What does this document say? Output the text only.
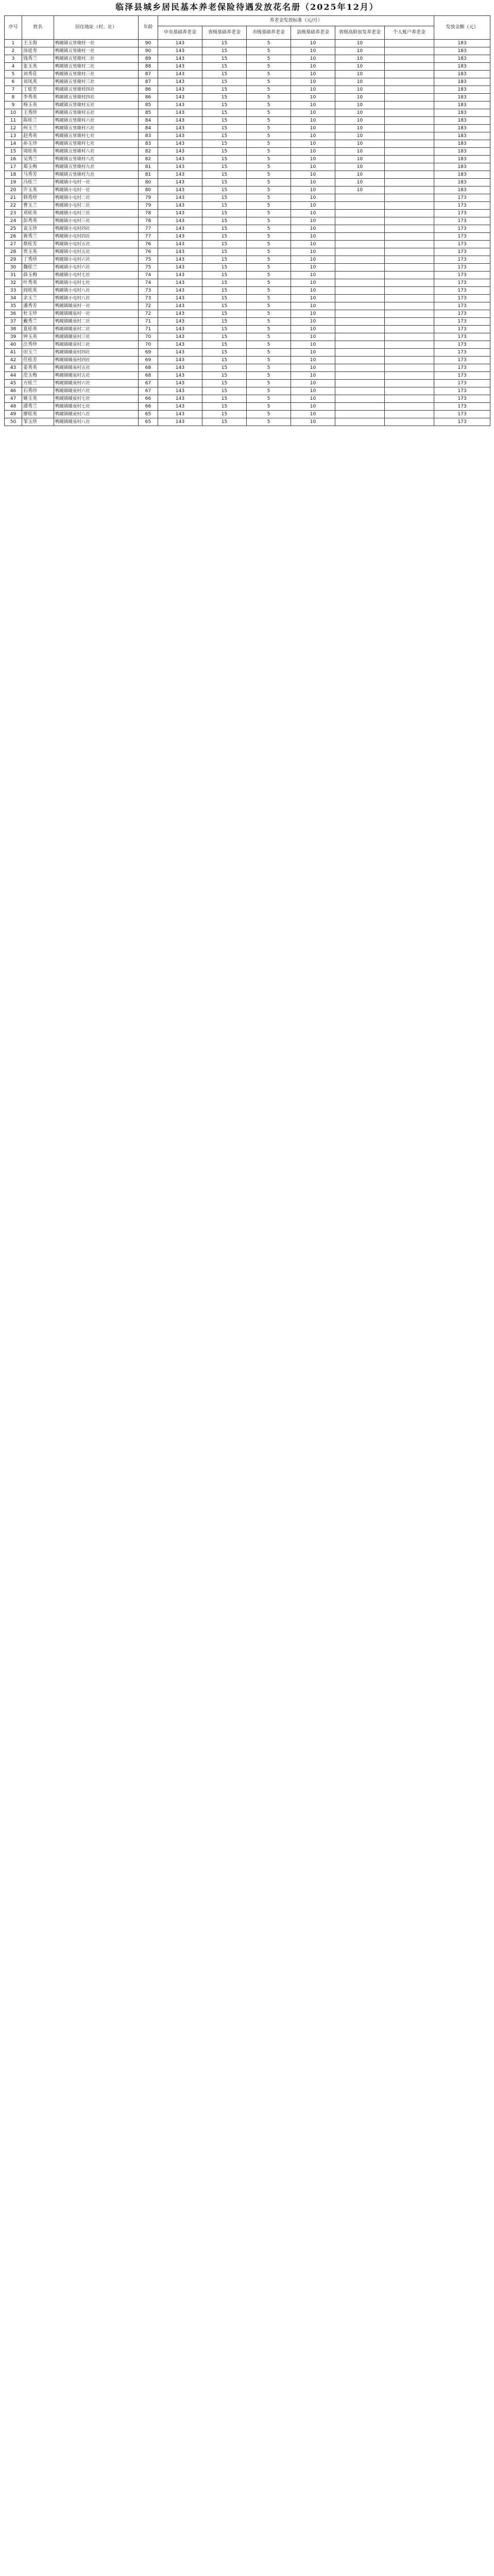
临泽县城乡居民基本养老保险待遇发放花名册（2025年12月）
序号	姓名	居住地址（村、社）	年龄	养老金发放标准（元/月）						发放金额（元）
				中央基础养老金	省级基础养老金	市级基础养老金	县级基础养老金	省级高龄加发养老金	个人账户养老金	
1	王玉海	鸭暖镇五里墩村一社	90	143	15	5	10	10		183
2	汤延寿	鸭暖镇五里墩村一社	90	143	15	5	10	10		183
3	钱秀兰	鸭暖镇五里墩村二社	89	143	15	5	10	10		183
4	张玉英	鸭暖镇五里墩村二社	88	143	15	5	10	10		183
5	刘秀花	鸭暖镇五里墩村三社	87	143	15	5	10	10		183
6	刘凤英	鸭暖镇五里墩村三社	87	143	15	5	10	10		183
7	丁桂芳	鸭暖镇五里墩村四社	86	143	15	5	10	10		183
8	李秀英	鸭暖镇五里墩村四社	86	143	15	5	10	10		183
9	杨玉英	鸭暖镇五里墩村五社	85	143	15	5	10	10		183
10	王秀珍	鸭暖镇五里墩村五社	85	143	15	5	10	10		183
11	陈桂兰	鸭暖镇五里墩村六社	84	143	15	5	10	10		183
12	何玉兰	鸭暖镇五里墩村六社	84	143	15	5	10	10		183
13	赵秀英	鸭暖镇五里墩村七社	83	143	15	5	10	10		183
14	孙玉珍	鸭暖镇五里墩村七社	83	143	15	5	10	10		183
15	周桂英	鸭暖镇五里墩村八社	82	143	15	5	10	10		183
16	吴秀兰	鸭暖镇五里墩村八社	82	143	15	5	10	10		183
17	郑玉梅	鸭暖镇五里墩村九社	81	143	15	5	10	10		183
18	马秀芳	鸭暖镇五里墩村九社	81	143	15	5	10	10		183
19	冯桂兰	鸭暖镇小屯村一社	80	143	15	5	10	10		183
20	许玉英	鸭暖镇小屯村一社	80	143	15	5	10	10		183
21	韩秀珍	鸭暖镇小屯村二社	79	143	15	5	10			173
22	曹玉兰	鸭暖镇小屯村二社	79	143	15	5	10			173
23	邓桂英	鸭暖镇小屯村三社	78	143	15	5	10			173
24	彭秀英	鸭暖镇小屯村三社	78	143	15	5	10			173
25	袁玉珍	鸭暖镇小屯村四社	77	143	15	5	10			173
26	蒋秀兰	鸭暖镇小屯村四社	77	143	15	5	10			173
27	蔡桂芳	鸭暖镇小屯村五社	76	143	15	5	10			173
28	贾玉英	鸭暖镇小屯村五社	76	143	15	5	10			173
29	丁秀珍	鸭暖镇小屯村六社	75	143	15	5	10			173
30	魏桂兰	鸭暖镇小屯村六社	75	143	15	5	10			173
31	薛玉梅	鸭暖镇小屯村七社	74	143	15	5	10			173
32	叶秀英	鸭暖镇小屯村七社	74	143	15	5	10			173
33	阎桂英	鸭暖镇小屯村八社	73	143	15	5	10			173
34	余玉兰	鸭暖镇小屯村八社	73	143	15	5	10			173
35	潘秀芳	鸭暖镇暖泉村一社	72	143	15	5	10			173
36	杜玉珍	鸭暖镇暖泉村一社	72	143	15	5	10			173
37	戴秀兰	鸭暖镇暖泉村二社	71	143	15	5	10			173
38	夏桂英	鸭暖镇暖泉村二社	71	143	15	5	10			173
39	钟玉英	鸭暖镇暖泉村三社	70	143	15	5	10			173
40	汪秀珍	鸭暖镇暖泉村三社	70	143	15	5	10			173
41	田玉兰	鸭暖镇暖泉村四社	69	143	15	5	10			173
42	任桂芳	鸭暖镇暖泉村四社	69	143	15	5	10			173
43	姜秀英	鸭暖镇暖泉村五社	68	143	15	5	10			173
44	范玉梅	鸭暖镇暖泉村五社	68	143	15	5	10			173
45	方桂兰	鸭暖镇暖泉村六社	67	143	15	5	10			173
46	石秀珍	鸭暖镇暖泉村六社	67	143	15	5	10			173
47	姚玉英	鸭暖镇暖泉村七社	66	143	15	5	10			173
48	谭秀兰	鸭暖镇暖泉村七社	66	143	15	5	10			173
49	廖桂英	鸭暖镇暖泉村八社	65	143	15	5	10			173
50	邹玉珍	鸭暖镇暖泉村八社	65	143	15	5	10			173
